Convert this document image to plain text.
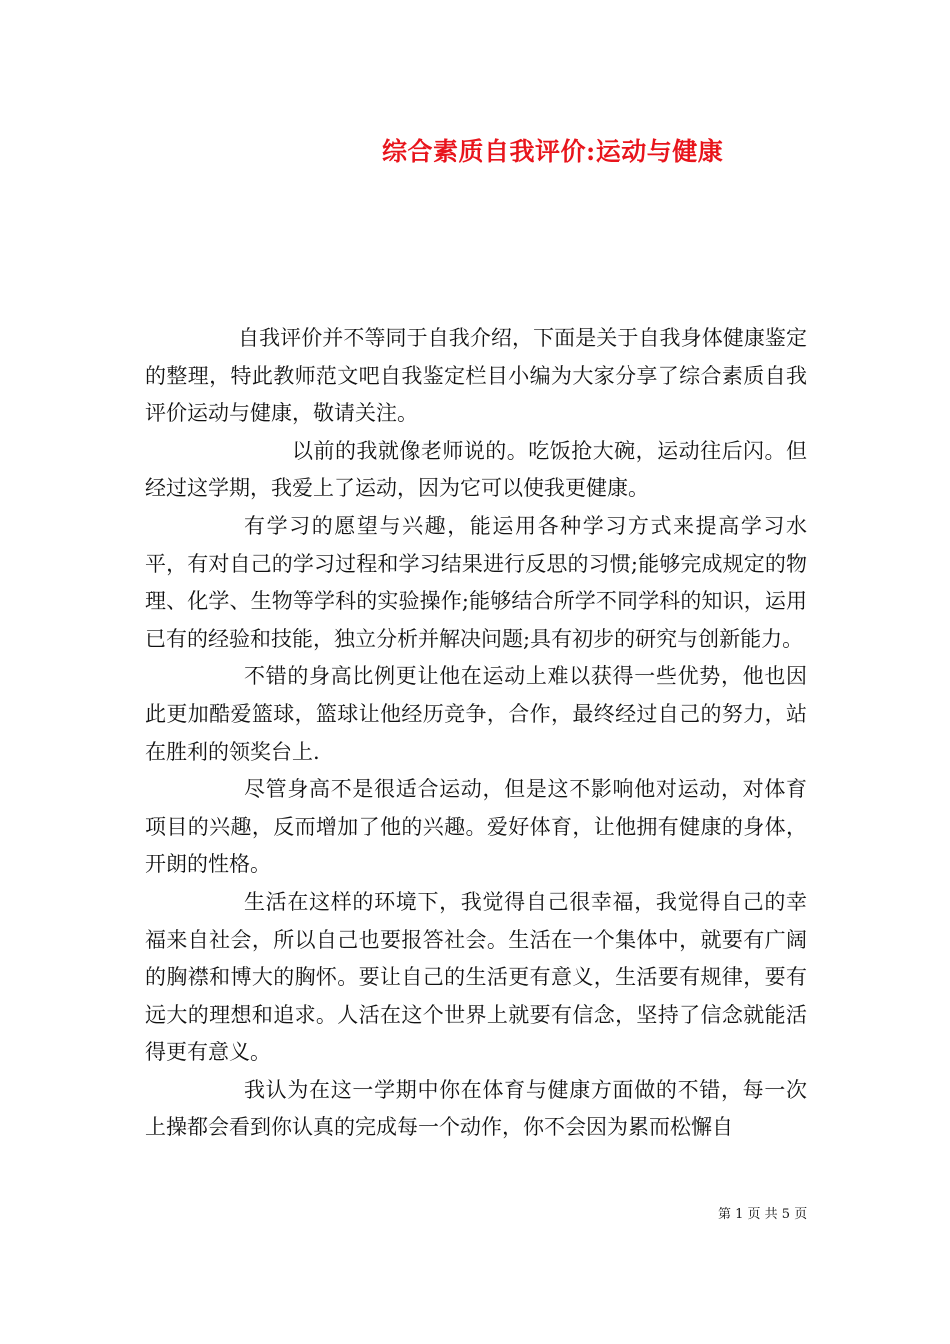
综合素质自我评价:运动与健康

自我评价并不等同于自我介绍，下面是关于自我身体健康鉴定的整理，特此教师范文吧自我鉴定栏目小编为大家分享了综合素质自我评价运动与健康，敬请关注。

以前的我就像老师说的。吃饭抢大碗，运动往后闪。但经过这学期，我爱上了运动，因为它可以使我更健康。

有学习的愿望与兴趣，能运用各种学习方式来提高学习水平，有对自己的学习过程和学习结果进行反思的习惯;能够完成规定的物理、化学、生物等学科的实验操作;能够结合所学不同学科的知识，运用已有的经验和技能，独立分析并解决问题;具有初步的研究与创新能力。

不错的身高比例更让他在运动上难以获得一些优势，他也因此更加酷爱篮球，篮球让他经历竞争，合作，最终经过自己的努力，站在胜利的领奖台上.

尽管身高不是很适合运动，但是这不影响他对运动，对体育项目的兴趣，反而增加了他的兴趣。爱好体育，让他拥有健康的身体，开朗的性格。

生活在这样的环境下，我觉得自己很幸福，我觉得自己的幸福来自社会，所以自己也要报答社会。生活在一个集体中，就要有广阔的胸襟和博大的胸怀。要让自己的生活更有意义，生活要有规律，要有远大的理想和追求。人活在这个世界上就要有信念，坚持了信念就能活得更有意义。

我认为在这一学期中你在体育与健康方面做的不错，每一次上操都会看到你认真的完成每一个动作，你不会因为累而松懈自

第 1 页 共 5 页
